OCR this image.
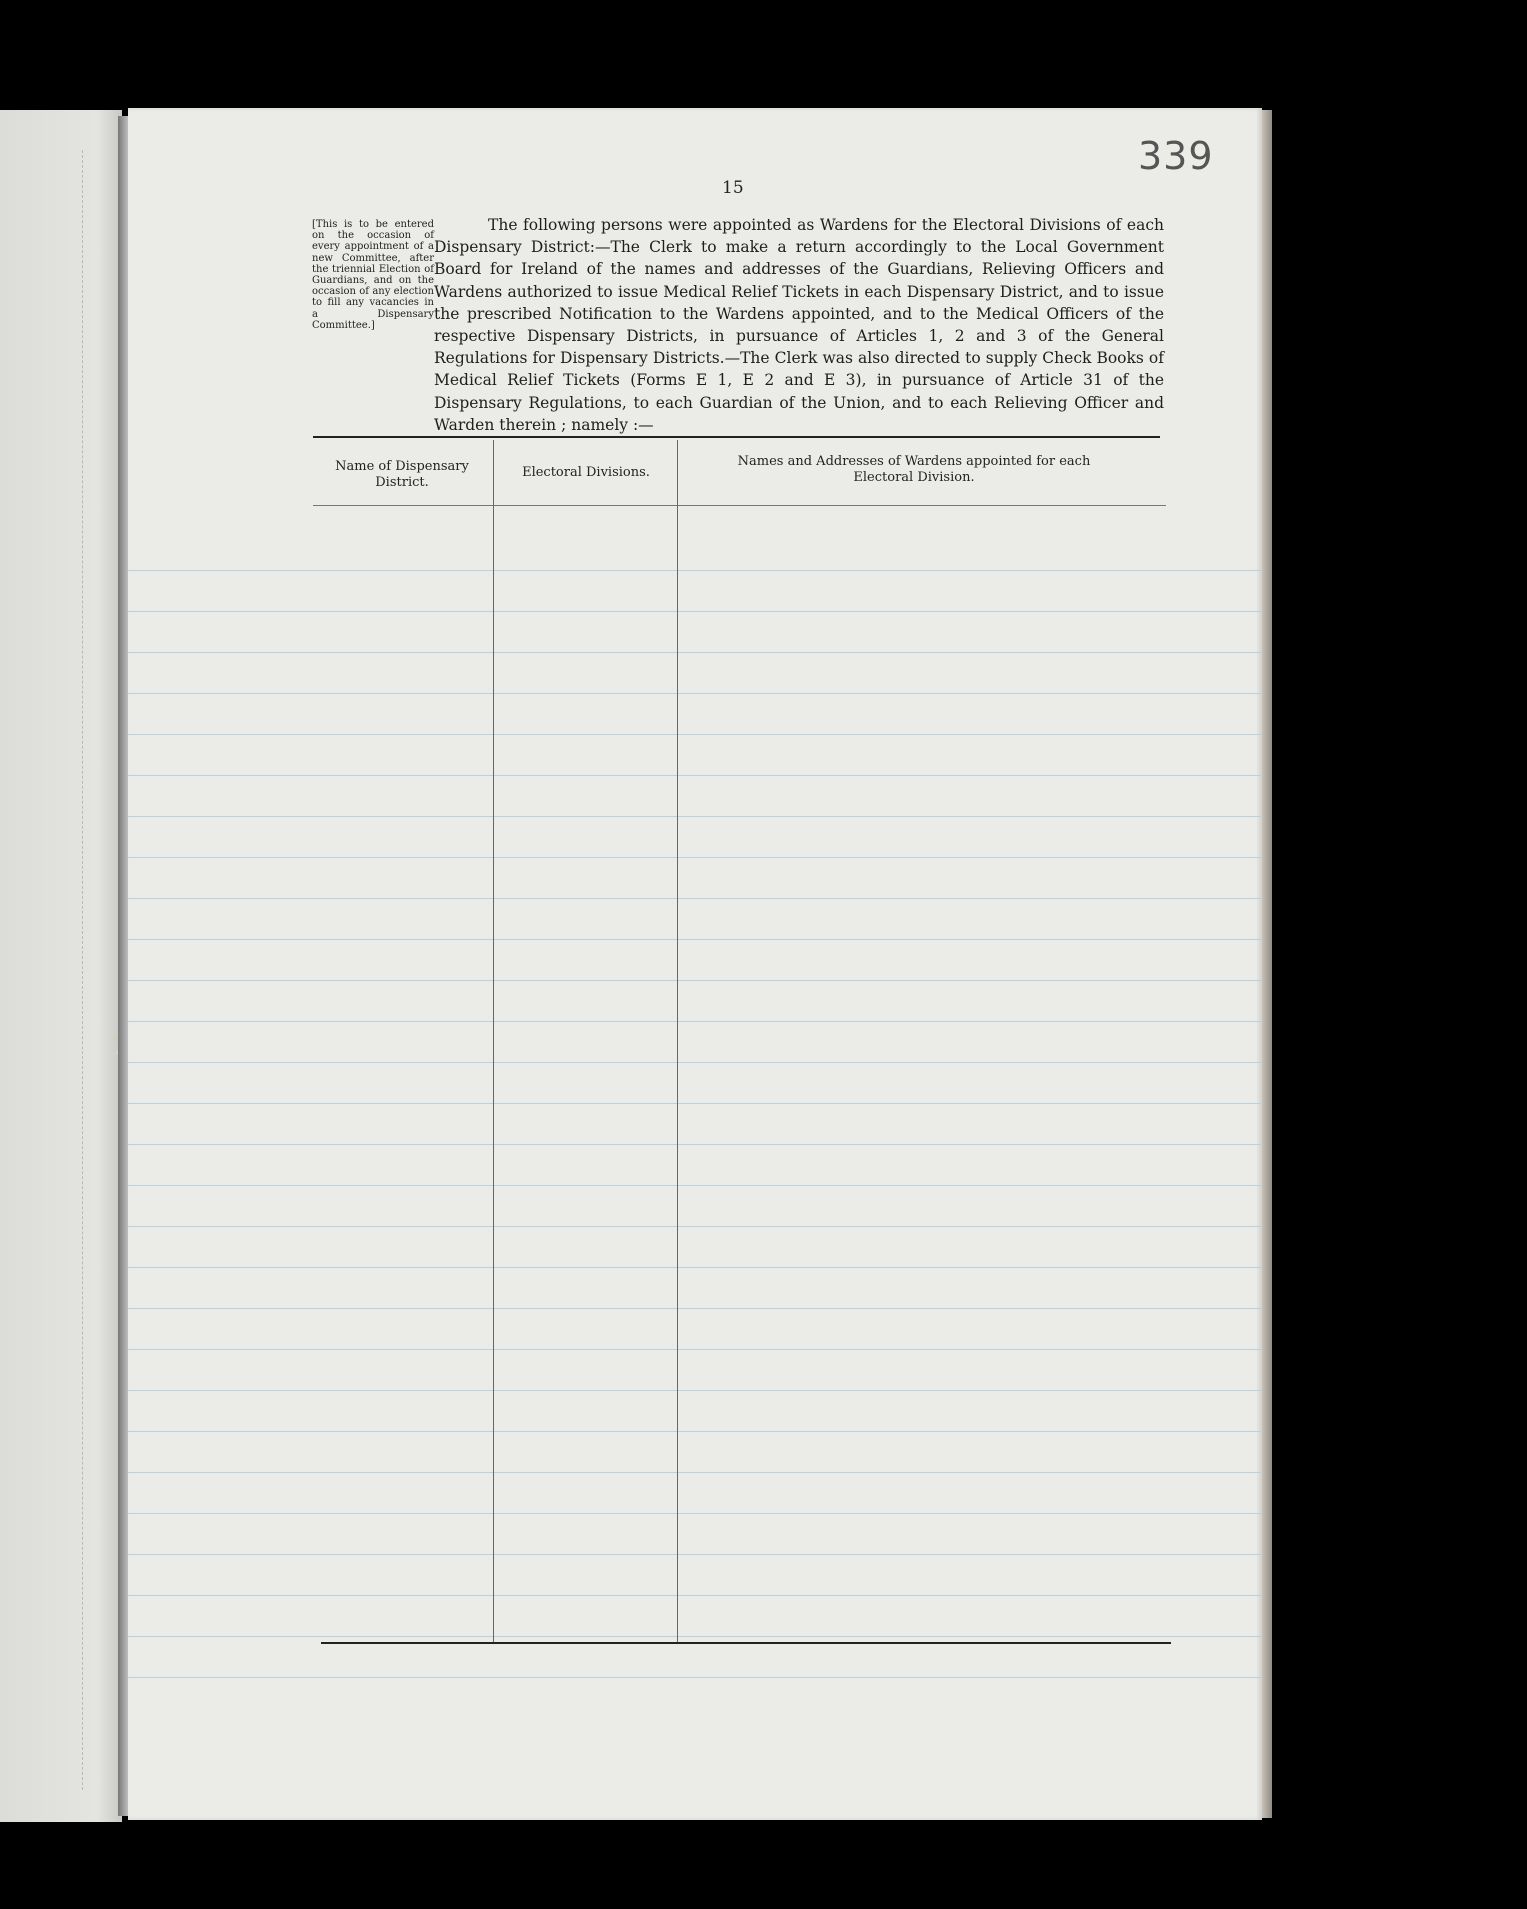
339
15
[This is to be entered on the occasion of every appointment of a new Committee, after the triennial Election of Guardians, and on the occasion of any election to fill any vacancies in a Dispensary Committee.]
The following persons were appointed as Wardens for the Electoral Divisions of each Dispensary District:—The Clerk to make a return accordingly to the Local Government Board for Ireland of the names and addresses of the Guardians, Relieving Officers and Wardens authorized to issue Medical Relief Tickets in each Dispensary District, and to issue the prescribed Notification to the Wardens appointed, and to the Medical Officers of the respective Dispensary Districts, in pursuance of Articles 1, 2 and 3 of the General Regulations for Dispensary Districts.—The Clerk was also directed to supply Check Books of Medical Relief Tickets (Forms E 1, E 2 and E 3), in pursuance of Article 31 of the Dispensary Regulations, to each Guardian of the Union, and to each Relieving Officer and Warden therein ; namely :—
Name of Dispensary District.
Electoral Divisions.
Names and Addresses of Wardens appointed for each Electoral Division.
